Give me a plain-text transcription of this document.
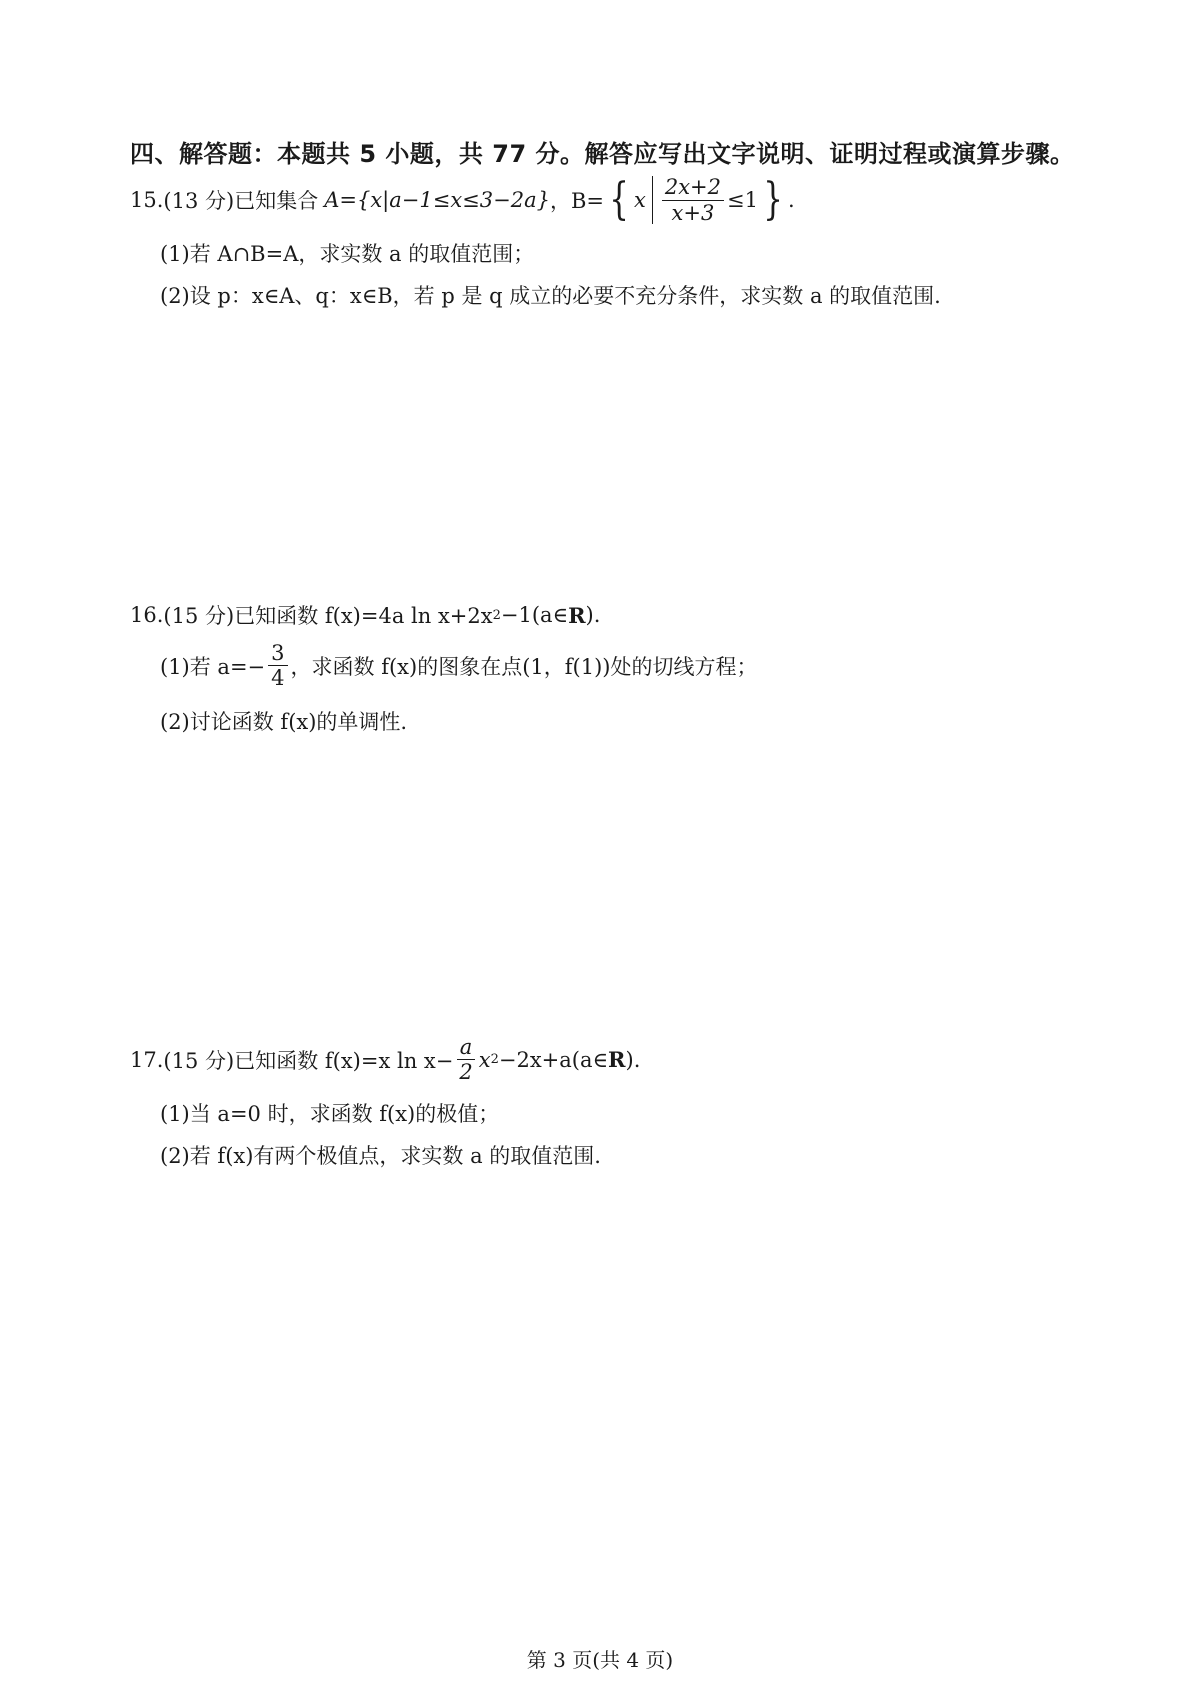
四、解答题：本题共 5 小题，共 77 分。解答应写出文字说明、证明过程或演算步骤。
15. (13 分) 已知集合 A={x|a−1≤x≤3−2a} ，B= { x $\frac{2x+2}{x+3} \le 1$ } .
(1)若 A∩B=A，求实数 a 的取值范围；
(2)设 p：x∈A、q：x∈B，若 p 是 q 成立的必要不充分条件，求实数 a 的取值范围.
16. (15 分) 已知函数 f(x)=4a ln x+2x 2 −1(a∈ R ).
(1)若 $a=- \frac{3}{4}$ ，求函数 f(x)的图象在点(1，f(1))处的切线方程；
(2)讨论函数 f(x)的单调性.
17. (15 分) 已知函数 f(x)=x $\ln x- \frac{a}{2}$ x 2 −2x+a(a∈ R ).
(1)当 a=0 时，求函数 f(x)的极值；
(2)若 f(x)有两个极值点，求实数 a 的取值范围.
第 3 页(共 4 页)
